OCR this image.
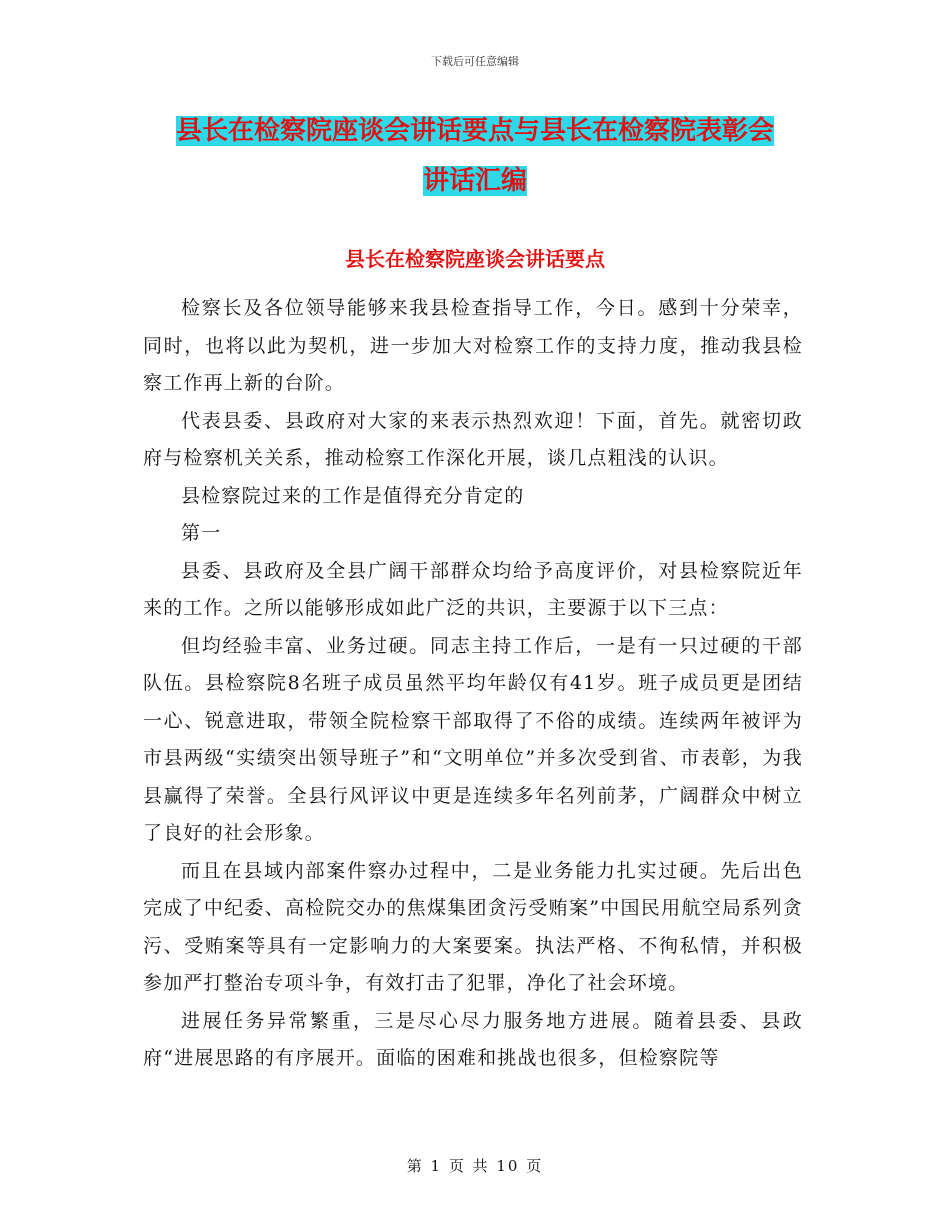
下载后可任意编辑
县长在检察院座谈会讲话要点与县长在检察院表彰会
讲话汇编
县长在检察院座谈会讲话要点

检察长及各位领导能够来我县检查指导工作，今日。感到十分荣幸，同时，也将以此为契机，进一步加大对检察工作的支持力度，推动我县检察工作再上新的台阶。

代表县委、县政府对大家的来表示热烈欢迎！下面，首先。就密切政府与检察机关关系，推动检察工作深化开展，谈几点粗浅的认识。

县检察院过来的工作是值得充分肯定的

第一

县委、县政府及全县广阔干部群众均给予高度评价，对县检察院近年来的工作。之所以能够形成如此广泛的共识，主要源于以下三点：

但均经验丰富、业务过硬。同志主持工作后，一是有一只过硬的干部队伍。县检察院8名班子成员虽然平均年龄仅有41岁。班子成员更是团结一心、锐意进取，带领全院检察干部取得了不俗的成绩。连续两年被评为市县两级“实绩突出领导班子”和“文明单位”并多次受到省、市表彰，为我县赢得了荣誉。全县行风评议中更是连续多年名列前茅，广阔群众中树立了良好的社会形象。

而且在县域内部案件察办过程中，二是业务能力扎实过硬。先后出色完成了中纪委、高检院交办的焦煤集团贪污受贿案”中国民用航空局系列贪污、受贿案等具有一定影响力的大案要案。执法严格、不徇私情，并积极参加严打整治专项斗争，有效打击了犯罪，净化了社会环境。

进展任务异常繁重，三是尽心尽力服务地方进展。随着县委、县政府“进展思路的有序展开。面临的困难和挑战也很多，但检察院等

第 1 页 共 10 页
